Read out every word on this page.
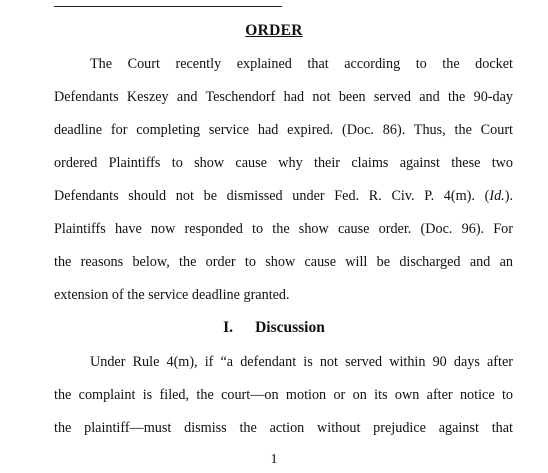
ORDER
The Court recently explained that according to the docket
Defendants Keszey and Teschendorf had not been served and the 90-day
deadline for completing service had expired. (Doc. 86). Thus, the Court
ordered Plaintiffs to show cause why their claims against these two
Defendants should not be dismissed under Fed. R. Civ. P. 4(m). (Id.).
Plaintiffs have now responded to the show cause order. (Doc. 96). For
the reasons below, the order to show cause will be discharged and an
extension of the service deadline granted.
I. Discussion
Under Rule 4(m), if “a defendant is not served within 90 days after
the complaint is filed, the court—on motion or on its own after notice to
the plaintiff—must dismiss the action without prejudice against that
1
